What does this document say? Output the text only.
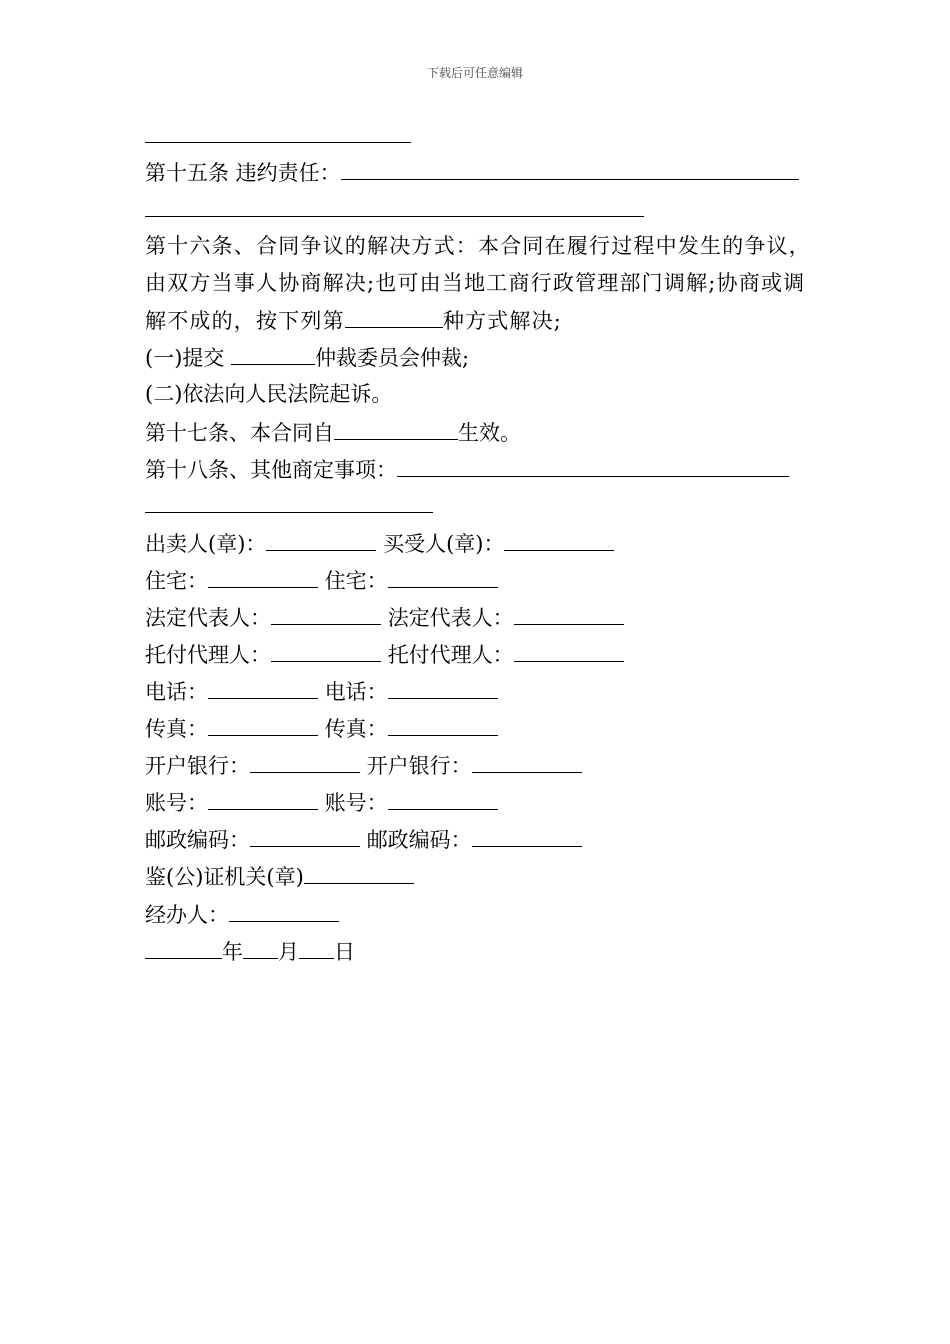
下载后可任意编辑
第十五条 违约责任：
第十六条、合同争议的解决方式：本合同在履行过程中发生的争议，
由双方当事人协商解决;也可由当地工商行政管理部门调解;协商或调
解不成的，按下列第	种方式解决;
(一)提交	仲裁委员会仲裁;
(二)依法向人民法院起诉。
第十七条、本合同自	生效。
第十八条、其他商定事项：
出卖人(章)：	买受人(章)：
住宅：	住宅：
法定代表人：	法定代表人：
托付代理人：	托付代理人：
电话：	电话：
传真：	传真：
开户银行：	开户银行：
账号：	账号：
邮政编码：	邮政编码：
鉴(公)证机关(章)
经办人：
年 月 日
